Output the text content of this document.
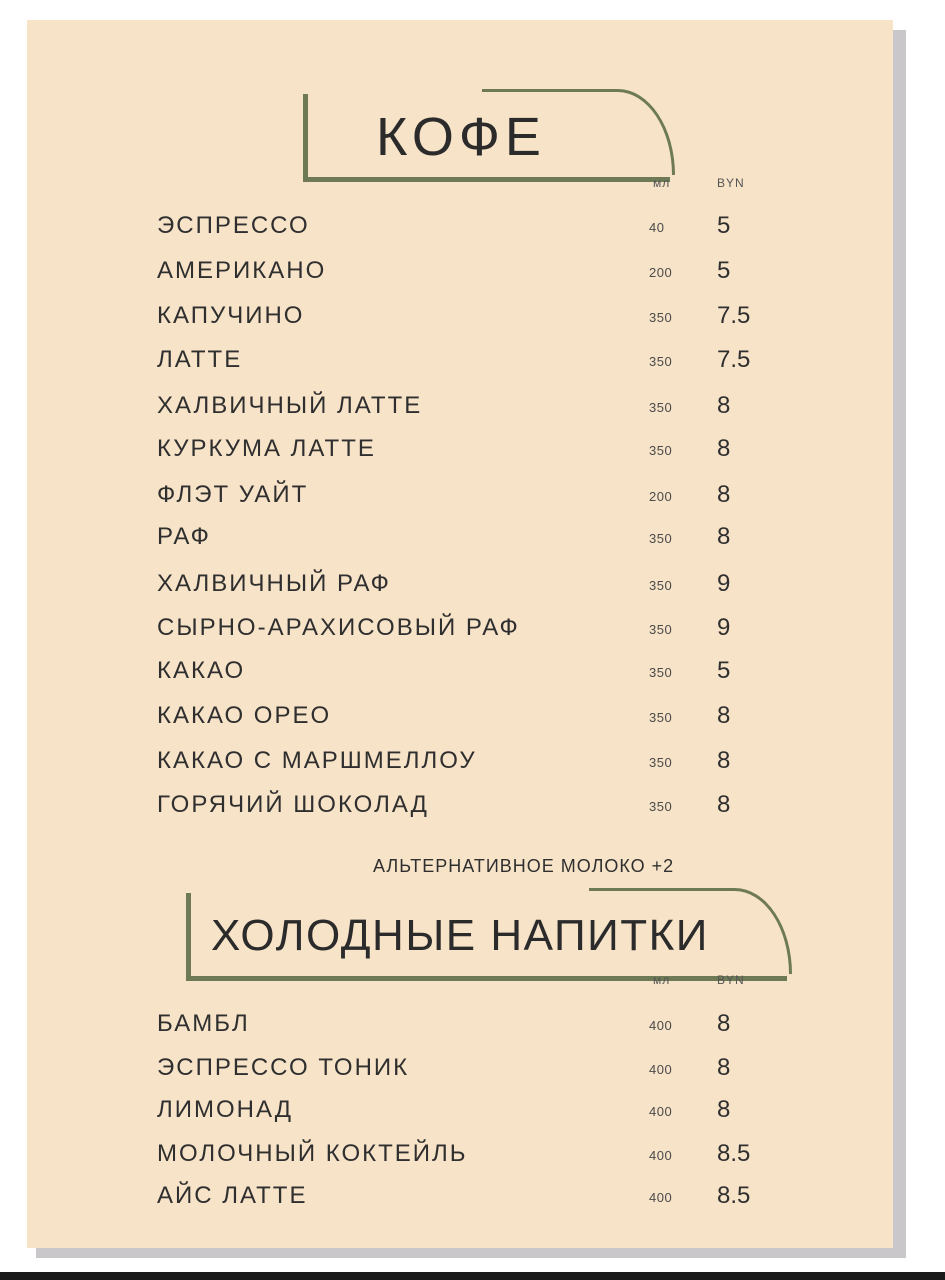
КОФЕ
мл	BYN
ЭСПРЕССО	40 5
АМЕРИКАНО	200 5
КАПУЧИНО	350 7.5
ЛАТТЕ	350 7.5
ХАЛВИЧНЫЙ ЛАТТЕ	350 8
КУРКУМА ЛАТТЕ	350 8
ФЛЭТ УАЙТ	200 8
РАФ	350 8
ХАЛВИЧНЫЙ РАФ	350 9
СЫРНО-АРАХИСОВЫЙ РАФ	350 9
КАКАО	350 5
КАКАО ОРЕО	350 8
КАКАО С МАРШМЕЛЛОУ	350 8
ГОРЯЧИЙ ШОКОЛАД	350 8
АЛЬТЕРНАТИВНОЕ МОЛОКО +2
ХОЛОДНЫЕ НАПИТКИ
мл	BYN
БАМБЛ	400 8
ЭСПРЕССО ТОНИК	400 8
ЛИМОНАД	400 8
МОЛОЧНЫЙ КОКТЕЙЛЬ	400 8.5
АЙС ЛАТТЕ	400 8.5
